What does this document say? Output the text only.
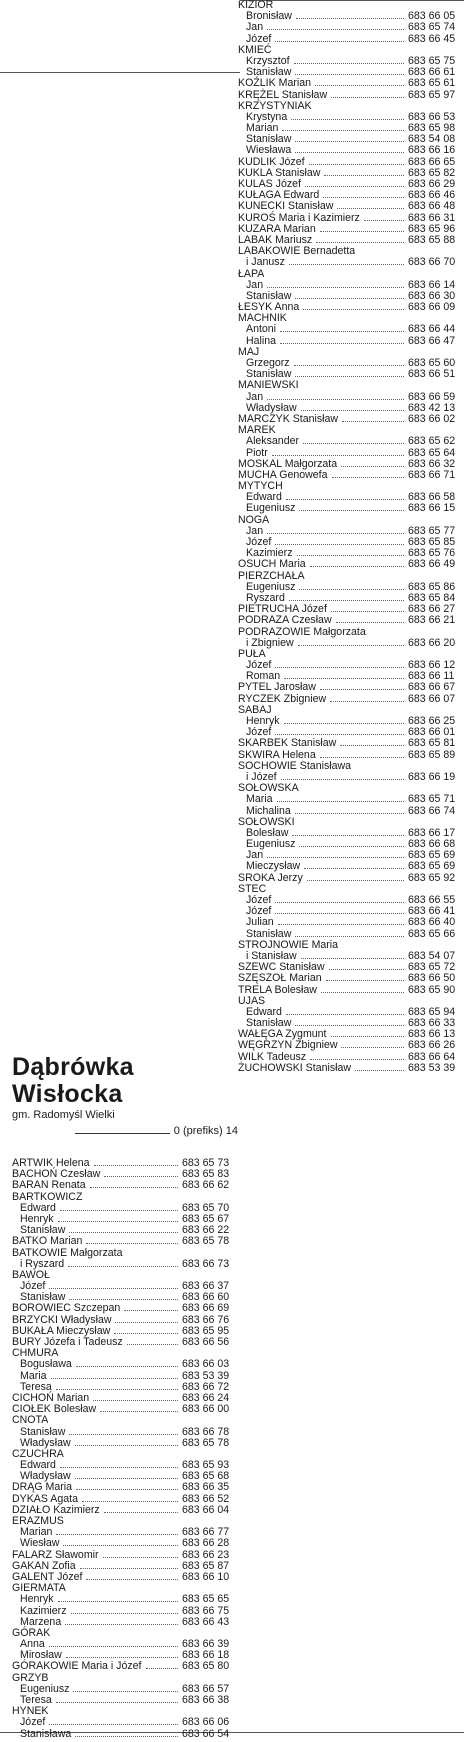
Dąbrówka
Wisłocka
gm. Radomyśl Wielki
0 (prefiks) 14
ARTWIK Helena	683 65 73
BACHOŃ Czesław	683 65 83
BARAN Renata	683 66 62
BARTKOWICZ
Edward	683 65 70
Henryk	683 65 67
Stanisław	683 66 22
BATKO Marian	683 65 78
BATKOWIE Małgorzata
i Ryszard	683 66 73
BAWOŁ
Józef	683 66 37
Stanisław	683 66 60
BOROWIEC Szczepan	683 66 69
BRZYCKI Władysław	683 66 76
BUKAŁA Mieczysław	683 65 95
BURY Józefa i Tadeusz	683 66 56
CHMURA
Bogusława	683 66 03
Maria	683 53 39
Teresa	683 66 72
CICHOŃ Marian	683 66 24
CIOŁEK Bolesław	683 66 00
CNOTA
Stanisław	683 66 78
Władysław	683 65 78
CZUCHRA
Edward	683 65 93
Władysław	683 65 68
DRĄG Maria	683 66 35
DYKAS Agata	683 66 52
DZIAŁO Kazimierz	683 66 04
ERAZMUS
Marian	683 66 77
Wiesław	683 66 28
FALARZ Sławomir	683 66 23
GAKAN Zofia	683 65 87
GALENT Józef	683 66 10
GIERMATA
Henryk	683 65 65
Kazimierz	683 66 75
Marzena	683 66 43
GÓRAK
Anna	683 66 39
Mirosław	683 66 18
GÓRAKOWIE Maria i Józef	683 65 80
GRZYB
Eugeniusz	683 66 57
Teresa	683 66 38
HYNEK
Józef	683 66 06
Stanisława	683 66 54
KIZIOR
Bronisław	683 66 05
Jan	683 65 74
Józef	683 66 45
KMIEĆ
Krzysztof	683 65 75
Stanisław	683 66 61
KOŹLIK Marian	683 65 61
KRĘŻEL Stanisław	683 65 97
KRZYSTYNIAK
Krystyna	683 66 53
Marian	683 65 98
Stanisław	683 54 08
Wiesława	683 66 16
KUDLIK Józef	683 66 65
KUKLA Stanisław	683 65 82
KULAS Józef	683 66 29
KUŁAGA Edward	683 66 46
KUNECKI Stanisław	683 66 48
KUROŚ Maria i Kazimierz	683 66 31
KUZARA Marian	683 65 96
LABAK Mariusz	683 65 88
LABAKOWIE Bernadetta
i Janusz	683 66 70
ŁAPA
Jan	683 66 14
Stanisław	683 66 30
ŁESYK Anna	683 66 09
MACHNIK
Antoni	683 66 44
Halina	683 66 47
MAJ
Grzegorz	683 65 60
Stanisław	683 66 51
MANIEWSKI
Jan	683 66 59
Władysław	683 42 13
MARCZYK Stanisław	683 66 02
MAREK
Aleksander	683 65 62
Piotr	683 65 64
MOSKAL Małgorzata	683 66 32
MUCHA Genowefa	683 66 71
MYTYCH
Edward	683 66 58
Eugeniusz	683 66 15
NOGA
Jan	683 65 77
Józef	683 65 85
Kazimierz	683 65 76
OSUCH Maria	683 66 49
PIERZCHAŁA
Eugeniusz	683 65 86
Ryszard	683 65 84
PIETRUCHA Józef	683 66 27
PODRAZA Czesław	683 66 21
PODRAZOWIE Małgorzata
i Zbigniew	683 66 20
PUŁA
Józef	683 66 12
Roman	683 66 11
PYTEL Jarosław	683 66 67
RYCZEK Zbigniew	683 66 07
SABAJ
Henryk	683 66 25
Józef	683 66 01
SKARBEK Stanisław	683 65 81
SKWIRA Helena	683 65 89
SOCHOWIE Stanisława
i Józef	683 66 19
SOŁOWSKA
Maria	683 65 71
Michalina	683 66 74
SOŁOWSKI
Bolesław	683 66 17
Eugeniusz	683 66 68
Jan	683 65 69
Mieczysław	683 65 69
SROKA Jerzy	683 65 92
STEC
Józef	683 66 55
Józef	683 66 41
Julian	683 66 40
Stanisław	683 65 66
STROJNOWIE Maria
i Stanisław	683 54 07
SZEWC Stanisław	683 65 72
SZĘSZOŁ Marian	683 66 50
TRELA Bolesław	683 65 90
UJAS
Edward	683 65 94
Stanisław	683 66 33
WAŁĘGA Zygmunt	683 66 13
WĘGRZYN Zbigniew	683 66 26
WILK Tadeusz	683 66 64
ŻUCHOWSKI Stanisław	683 53 39
